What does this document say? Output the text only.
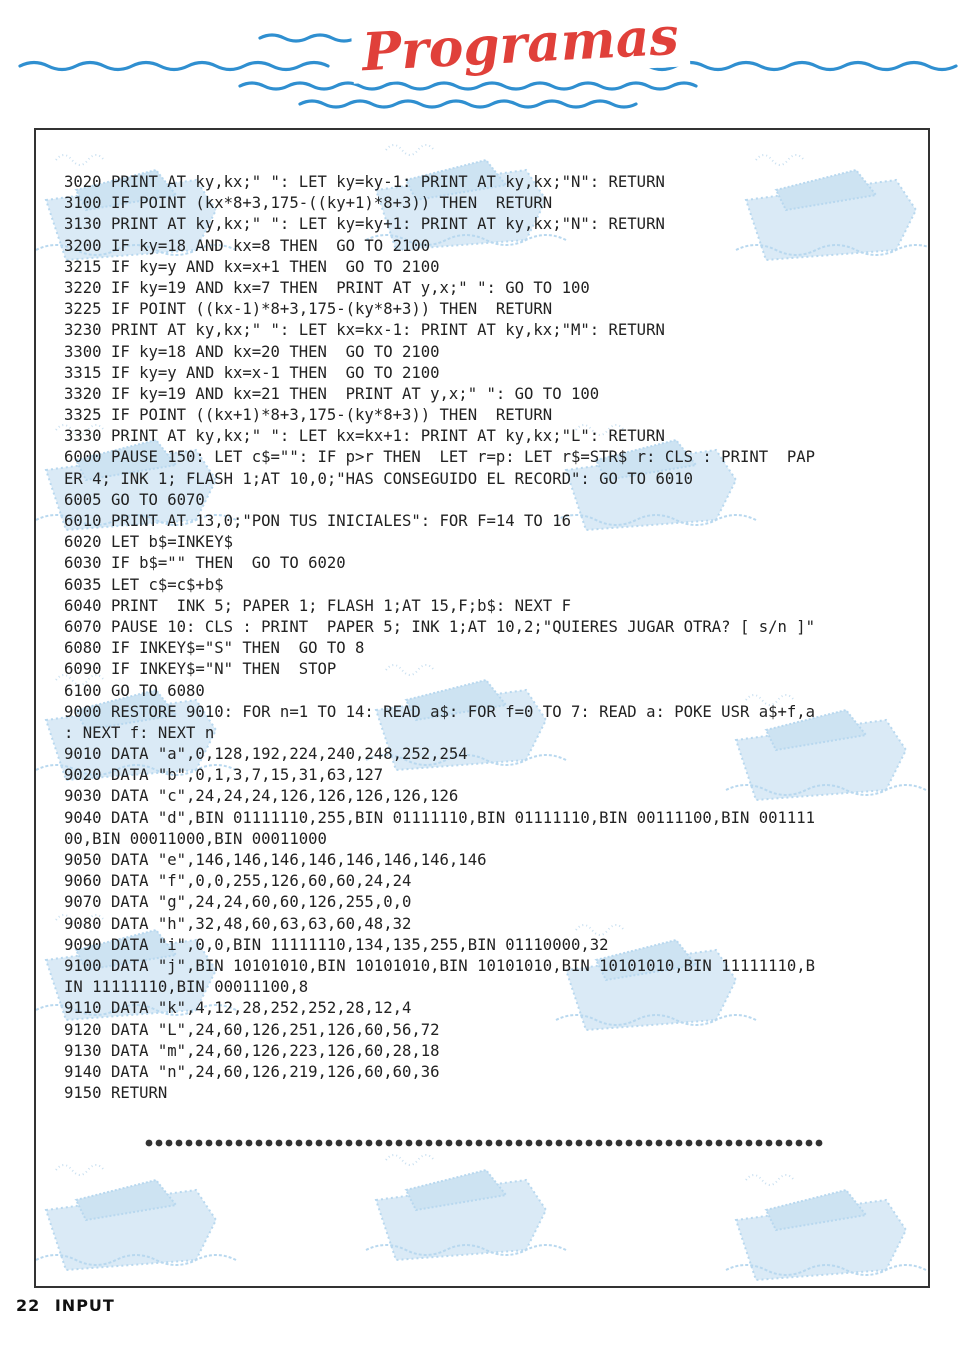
Programas
3020 PRINT AT ky,kx;" ": LET ky=ky-1: PRINT AT ky,kx;"N": RETURN
3100 IF POINT (kx*8+3,175-((ky+1)*8+3)) THEN  RETURN
3130 PRINT AT ky,kx;" ": LET ky=ky+1: PRINT AT ky,kx;"N": RETURN
3200 IF ky=18 AND kx=8 THEN  GO TO 2100
3215 IF ky=y AND kx=x+1 THEN  GO TO 2100
3220 IF ky=19 AND kx=7 THEN  PRINT AT y,x;" ": GO TO 100
3225 IF POINT ((kx-1)*8+3,175-(ky*8+3)) THEN  RETURN
3230 PRINT AT ky,kx;" ": LET kx=kx-1: PRINT AT ky,kx;"M": RETURN
3300 IF ky=18 AND kx=20 THEN  GO TO 2100
3315 IF ky=y AND kx=x-1 THEN  GO TO 2100
3320 IF ky=19 AND kx=21 THEN  PRINT AT y,x;" ": GO TO 100
3325 IF POINT ((kx+1)*8+3,175-(ky*8+3)) THEN  RETURN
3330 PRINT AT ky,kx;" ": LET kx=kx+1: PRINT AT ky,kx;"L": RETURN
6000 PAUSE 150: LET c$="": IF p>r THEN  LET r=p: LET r$=STR$ r: CLS : PRINT  PAP
ER 4; INK 1; FLASH 1;AT 10,0;"HAS CONSEGUIDO EL RECORD": GO TO 6010
6005 GO TO 6070
6010 PRINT AT 13,0;"PON TUS INICIALES": FOR F=14 TO 16
6020 LET b$=INKEY$
6030 IF b$="" THEN  GO TO 6020
6035 LET c$=c$+b$
6040 PRINT  INK 5; PAPER 1; FLASH 1;AT 15,F;b$: NEXT F
6070 PAUSE 10: CLS : PRINT  PAPER 5; INK 1;AT 10,2;"QUIERES JUGAR OTRA? [ s/n ]"
6080 IF INKEY$="S" THEN  GO TO 8
6090 IF INKEY$="N" THEN  STOP
6100 GO TO 6080
9000 RESTORE 9010: FOR n=1 TO 14: READ a$: FOR f=0 TO 7: READ a: POKE USR a$+f,a
: NEXT f: NEXT n
9010 DATA "a",0,128,192,224,240,248,252,254
9020 DATA "b",0,1,3,7,15,31,63,127
9030 DATA "c",24,24,24,126,126,126,126,126
9040 DATA "d",BIN 01111110,255,BIN 01111110,BIN 01111110,BIN 00111100,BIN 001111
00,BIN 00011000,BIN 00011000
9050 DATA "e",146,146,146,146,146,146,146,146
9060 DATA "f",0,0,255,126,60,60,24,24
9070 DATA "g",24,24,60,60,126,255,0,0
9080 DATA "h",32,48,60,63,63,60,48,32
9090 DATA "i",0,0,BIN 11111110,134,135,255,BIN 01110000,32
9100 DATA "j",BIN 10101010,BIN 10101010,BIN 10101010,BIN 10101010,BIN 11111110,B
IN 11111110,BIN 00011100,8
9110 DATA "k",4,12,28,252,252,28,12,4
9120 DATA "L",24,60,126,251,126,60,56,72
9130 DATA "m",24,60,126,223,126,60,28,18
9140 DATA "n",24,60,126,219,126,60,60,36
9150 RETURN
22 INPUT
